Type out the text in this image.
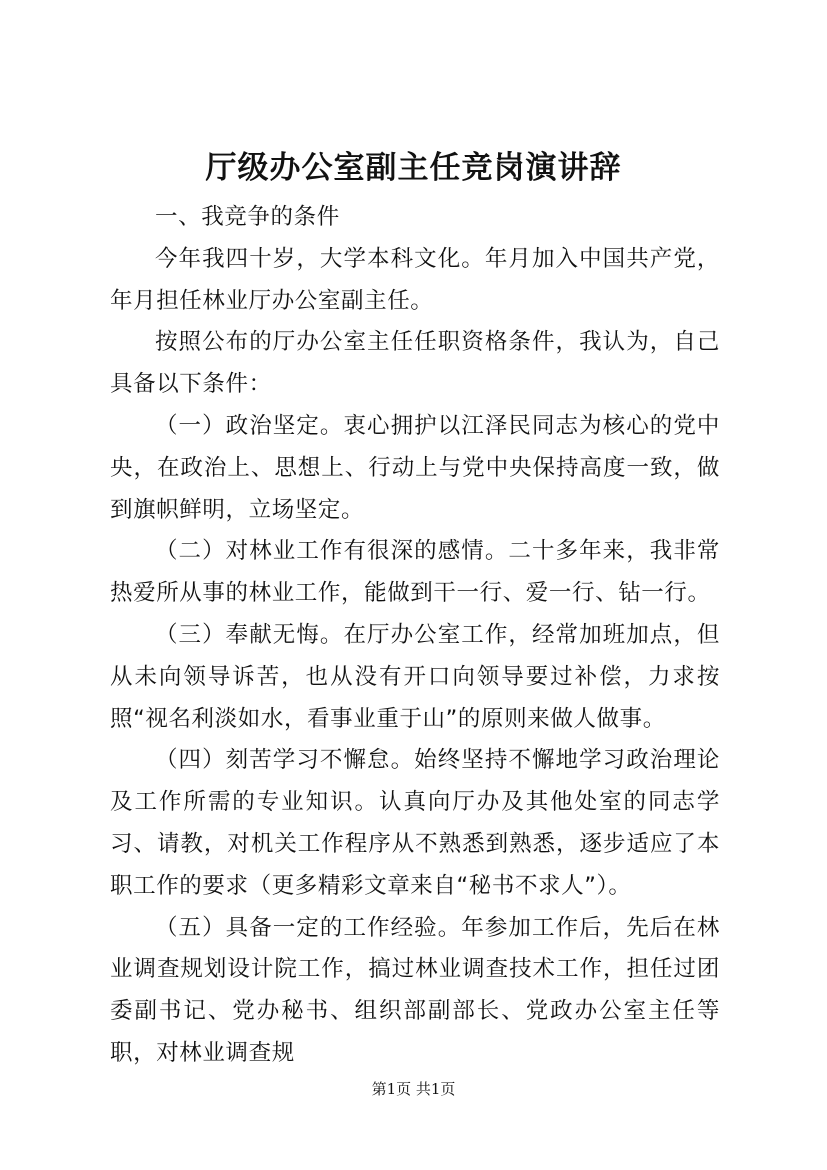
厅级办公室副主任竞岗演讲辞

一、我竞争的条件

今年我四十岁，大学本科文化。年月加入中国共产党，年月担任林业厅办公室副主任。

按照公布的厅办公室主任任职资格条件，我认为，自己具备以下条件：

（一）政治坚定。衷心拥护以江泽民同志为核心的党中央，在政治上、思想上、行动上与党中央保持高度一致，做到旗帜鲜明，立场坚定。

（二）对林业工作有很深的感情。二十多年来，我非常热爱所从事的林业工作，能做到干一行、爱一行、钻一行。

（三）奉献无悔。在厅办公室工作，经常加班加点，但从未向领导诉苦，也从没有开口向领导要过补偿，力求按照“视名利淡如水，看事业重于山”的原则来做人做事。

（四）刻苦学习不懈怠。始终坚持不懈地学习政治理论及工作所需的专业知识。认真向厅办及其他处室的同志学习、请教，对机关工作程序从不熟悉到熟悉，逐步适应了本职工作的要求（更多精彩文章来自“秘书不求人”）。

（五）具备一定的工作经验。年参加工作后，先后在林业调查规划设计院工作，搞过林业调查技术工作，担任过团委副书记、党办秘书、组织部副部长、党政办公室主任等职，对林业调查规

第1页 共1页
